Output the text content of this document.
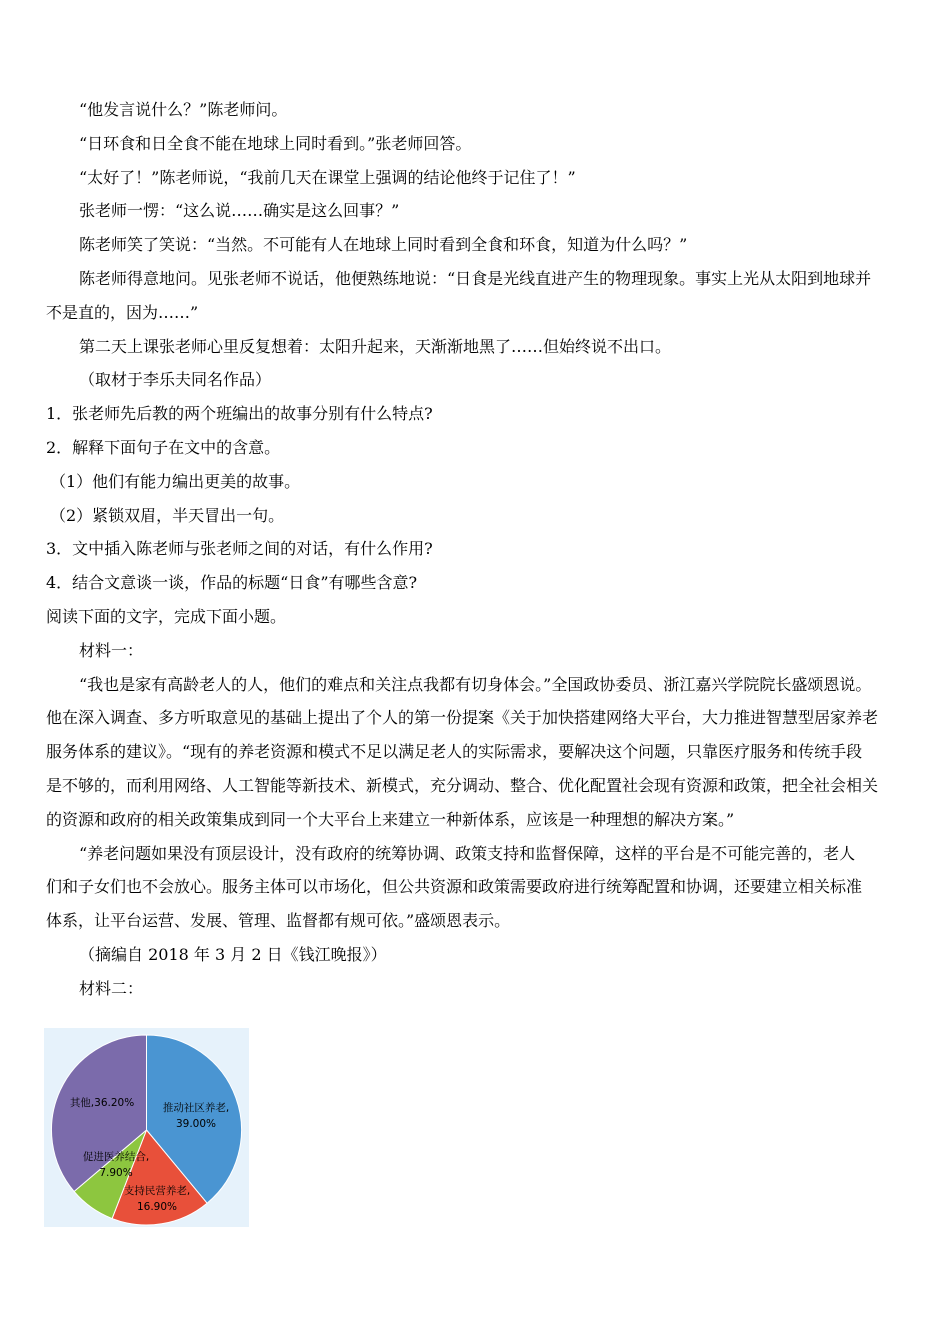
“他发言说什么？”陈老师问。

“日环食和日全食不能在地球上同时看到。”张老师回答。

“太好了！”陈老师说，“我前几天在课堂上强调的结论他终于记住了！”

张老师一愣：“这么说……确实是这么回事？”

陈老师笑了笑说：“当然。不可能有人在地球上同时看到全食和环食，知道为什么吗？”

陈老师得意地问。见张老师不说话，他便熟练地说：“日食是光线直进产生的物理现象。事实上光从太阳到地球并

不是直的，因为……”

第二天上课张老师心里反复想着：太阳升起来，天渐渐地黑了……但始终说不出口。

（取材于李乐夫同名作品）

1．张老师先后教的两个班编出的故事分别有什么特点?

2．解释下面句子在文中的含意。

（1）他们有能力编出更美的故事。

（2）紧锁双眉，半天冒出一句。

3．文中插入陈老师与张老师之间的对话，有什么作用?

4．结合文意谈一谈，作品的标题“日食”有哪些含意?

阅读下面的文字，完成下面小题。

材料一：

“我也是家有高龄老人的人，他们的难点和关注点我都有切身体会。”全国政协委员、浙江嘉兴学院院长盛颂恩说。

他在深入调查、多方听取意见的基础上提出了个人的第一份提案《关于加快搭建网络大平台，大力推进智慧型居家养老

服务体系的建议》。“现有的养老资源和模式不足以满足老人的实际需求，要解决这个问题，只靠医疗服务和传统手段

是不够的，而利用网络、人工智能等新技术、新模式，充分调动、整合、优化配置社会现有资源和政策，把全社会相关

的资源和政府的相关政策集成到同一个大平台上来建立一种新体系，应该是一种理想的解决方案。”

“养老问题如果没有顶层设计，没有政府的统筹协调、政策支持和监督保障，这样的平台是不可能完善的，老人

们和子女们也不会放心。服务主体可以市场化，但公共资源和政策需要政府进行统筹配置和协调，还要建立相关标准

体系，让平台运营、发展、管理、监督都有规可依。”盛颂恩表示。

（摘编自 2018 年 3 月 2 日《钱江晚报》）

材料二：

推动社区养老,
39.00%
支持民营养老,
16.90%
促进医养结合,
7.90%
其他,36.20%
